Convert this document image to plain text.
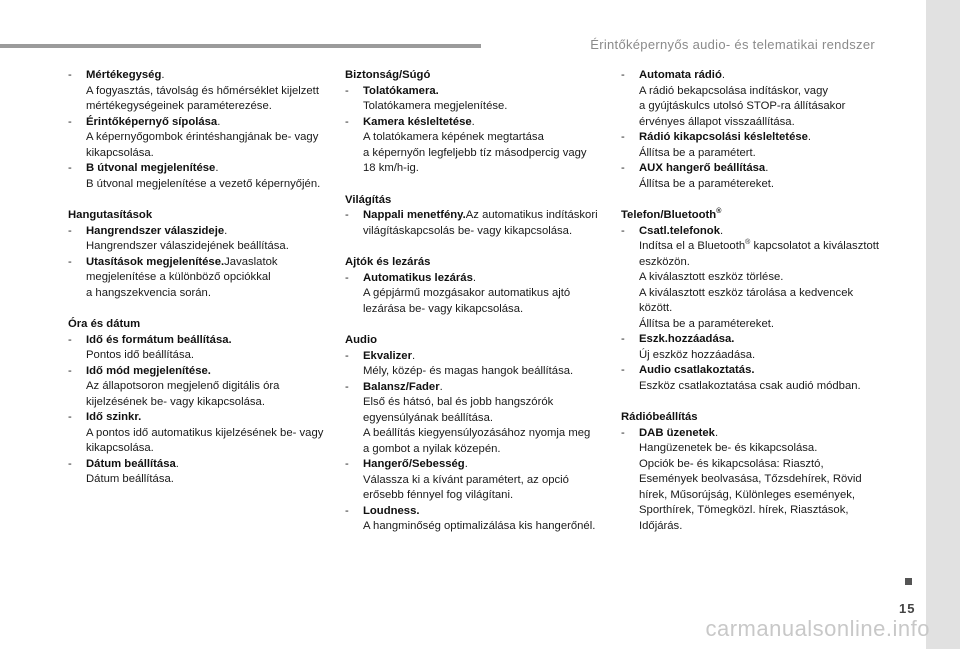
Érintőképernyős audio- és telematikai rendszer
15
carmanualsonline.info
- Mértékegység.
A fogyasztás, távolság és hőmérséklet kijelzett
mértékegységeinek paraméterezése.
- Érintőképernyő sípolása.
A képernyőgombok érintéshangjának be- vagy
kikapcsolása.
- B útvonal megjelenítése.
B útvonal megjelenítése a vezető képernyőjén.
Hangutasítások
- Hangrendszer válaszideje.
Hangrendszer válaszidejének beállítása.
- Utasítások megjelenítése.Javaslatok
megjelenítése a különböző opciókkal
a hangszekvencia során.
Óra és dátum
- Idő és formátum beállítása.
Pontos idő beállítása.
- Idő mód megjelenítése.
Az állapotsoron megjelenő digitális óra
kijelzésének be- vagy kikapcsolása.
- Idő szinkr.
A pontos idő automatikus kijelzésének be- vagy
kikapcsolása.
- Dátum beállítása.
Dátum beállítása.
Biztonság/Súgó
- Tolatókamera.
Tolatókamera megjelenítése.
- Kamera késleltetése.
A tolatókamera képének megtartása
a képernyőn legfeljebb tíz másodpercig vagy
18 km/h-ig.
Világítás
- Nappali menetfény.Az automatikus indításkori
világításkapcsolás be- vagy kikapcsolása.
Ajtók és lezárás
- Automatikus lezárás.
A gépjármű mozgásakor automatikus ajtó
lezárása be- vagy kikapcsolása.
Audio
- Ekvalizer.
Mély, közép- és magas hangok beállítása.
- Balansz/Fader.
Első és hátsó, bal és jobb hangszórók
egyensúlyának beállítása.
A beállítás kiegyensúlyozásához nyomja meg
a gombot a nyilak közepén.
- Hangerő/Sebesség.
Válassza ki a kívánt paramétert, az opció
erősebb fénnyel fog világítani.
- Loudness.
A hangminőség optimalizálása kis hangerőnél.
- Automata rádió.
A rádió bekapcsolása indításkor, vagy
a gyújtáskulcs utolsó STOP-ra állításakor
érvényes állapot visszaállítása.
- Rádió kikapcsolási késleltetése.
Állítsa be a paramétert.
- AUX hangerő beállítása.
Állítsa be a paramétereket.
Telefon/Bluetooth®
- Csatl.telefonok.
Indítsa el a Bluetooth® kapcsolatot a kiválasztott
eszközön.
A kiválasztott eszköz törlése.
A kiválasztott eszköz tárolása a kedvencek
között.
Állítsa be a paramétereket.
- Eszk.hozzáadása.
Új eszköz hozzáadása.
- Audio csatlakoztatás.
Eszköz csatlakoztatása csak audió módban.
Rádióbeállítás
- DAB üzenetek.
Hangüzenetek be- és kikapcsolása.
Opciók be- és kikapcsolása: Riasztó,
Események beolvasása, Tőzsdehírek, Rövid
hírek, Műsorújság, Különleges események,
Sporthírek, Tömegközl. hírek, Riasztások,
Időjárás.
